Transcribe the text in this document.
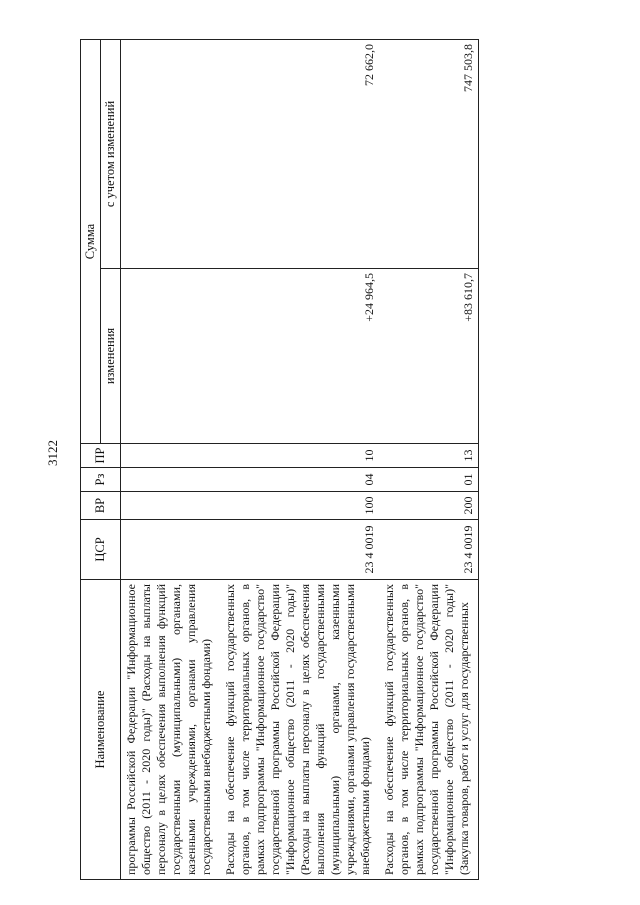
3122
Наименование	ЦСР	ВР	Рз	ПР	Сумма	
					изменения	с учетом изменений
программы Российской Федерации "Информационное общество (2011 - 2020 годы)" (Расходы на выплаты персоналу в целях обеспечения выполнения функций государственными (муниципальными) органами, казенными учреждениями, органами управления государственными внебюджетными фондами)						
Расходы на обеспечение функций государственных органов, в том числе территориальных органов, в рамках подпрограммы "Информационное государство" государственной программы Российской Федерации "Информационное общество (2011 - 2020 годы)" (Расходы на выплаты персоналу в целях обеспечения выполнения функций государственными (муниципальными) органами, казенными учреждениями, органами управления государственными внебюджетными фондами)	23 4 0019	100	04	10	+24 964,5	72 662,0
Расходы на обеспечение функций государственных органов, в том числе территориальных органов, в рамках подпрограммы "Информационное государство" государственной программы Российской Федерации "Информационное общество (2011 - 2020 годы)" (Закупка товаров, работ и услуг для государственных	23 4 0019	200	01	13	+83 610,7	747 503,8
